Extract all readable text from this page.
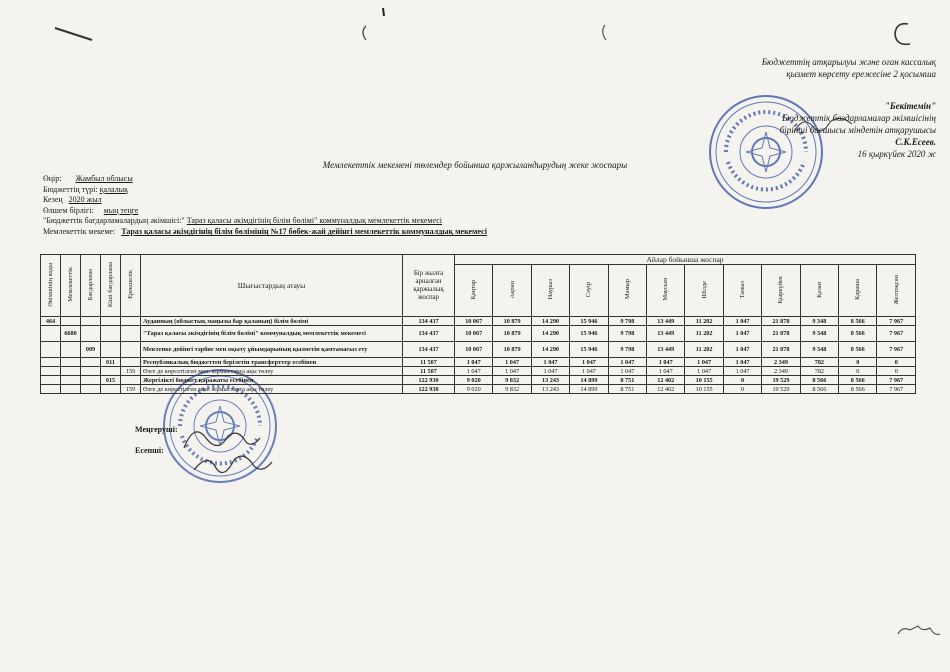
Бюджеттің атқарылуы және оған кассалық
қызмет көрсету ережесіне 2 қосымша
"Бекітемін"
Бюджеттік бағдарламалар әкімшісінің
бірінші басшысы міндетін атқарушысы
С.К.Есеев.
16 қыркүйек 2020 ж
Мемлекеттік мекемені төлемдер бойынша қаржыландырудың жеке жоспары
Өңір: Жамбыл облысы
Бюджеттің түрі: қалалық
Кезең 2020 жыл
Өлшем бірлігі: мың теңге
"Бюджеттік бағдарламалардың әкімшісі:" Тараз қаласы әкімдігінің білім бөлімі" коммуналдық мемлекеттік мекемесі
Мемлекеттік мекеме: Тараз қаласы әкімдігінің білім бөлімінің №17 бөбек-жай дейінгі мемлекеттік коммуналдық мекемесі
Әкімшінің коды	Мемлекеттік	Бағдарлама	Кіші бағдарлама	Ерекшелік	Шығыстардың атауы	Бір жылға арналған қаржылық жоспар	Айлар бойынша жоспар											
							Қаңтар	Ақпан	Наурыз	Сәуір	Мамыр	Маусым	Шілде	Тамыз	Қыркүйек	Қазан	Қараша	Желтоқсан
464					Ауданның (облыстық маңызы бар қаланың) білім бөлімі	134 437	10 067	10 879	14 290	15 946	9 798	13 449	11 202	1 047	21 878	9 348	8 566	7 967
	6680				"Тараз қаласы әкімдігінің білім бөлімі" коммуналдық мемлекеттік мекемесі	134 437	10 067	10 879	14 290	15 946	9 798	13 449	11 202	1 047	21 878	9 348	8 566	7 967
		009			Мектепке дейінгі тәрбие мен оқыту ұйымдарының қызметін қамтамасыз ету	134 437	10 067	10 879	14 290	15 946	9 798	13 449	11 202	1 047	21 878	9 348	8 566	7 967
			011		Республикалық бюджеттен берілетін трансферттер есебінен	11 507	1 047	1 047	1 047	1 047	1 047	1 047	1 047	1 047	2 349	782	0	0
				159	Өзге де көрсетілген мен. жұмыстарға ақы төлеу	11 507	1 047	1 047	1 047	1 047	1 047	1 047	1 047	1 047	2 349	782	0	0
			015		Жергілікті бюджет қаражаты есебінен	122 930	9 020	9 832	13 243	14 899	8 751	12 402	10 155	0	19 529	8 566	8 566	7 967
				159	Өзге де көрсетілген мен. жұмыстарға ақы төлеу	122 930	9 020	9 832	13 243	14 899	8 751	12 402	10 155	0	19 529	8 566	8 566	7 967
Меңгеруші:
Есепші:
